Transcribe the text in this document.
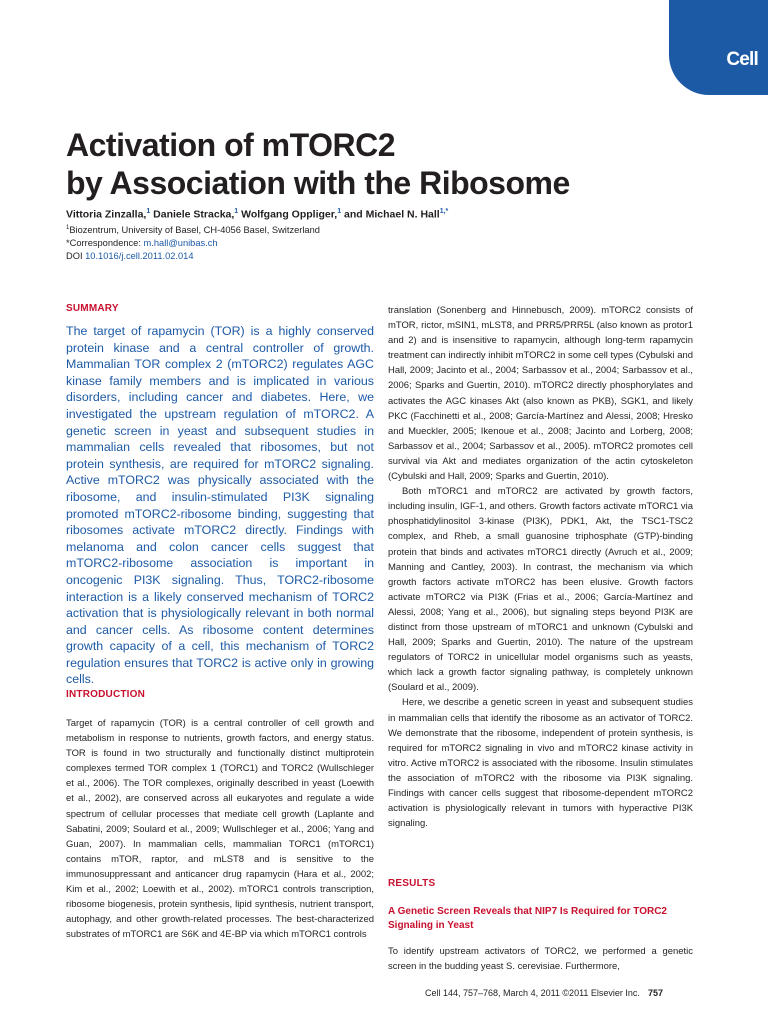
Cell
Activation of mTORC2
by Association with the Ribosome
Vittoria Zinzalla,$^1$ Daniele Stracka,$^1$ Wolfgang Oppliger,$^1$ and Michael N. Hall$^{1,*}$
$^1$Biozentrum, University of Basel, CH-4056 Basel, Switzerland
*Correspondence: m.hall@unibas.ch
DOI 10.1016/j.cell.2011.02.014
SUMMARY
The target of rapamycin (TOR) is a highly conserved protein kinase and a central controller of growth. Mammalian TOR complex 2 (mTORC2) regulates AGC kinase family members and is implicated in various disorders, including cancer and diabetes. Here, we investigated the upstream regulation of mTORC2. A genetic screen in yeast and subsequent studies in mammalian cells revealed that ribosomes, but not protein synthesis, are required for mTORC2 signaling. Active mTORC2 was physically associated with the ribosome, and insulin-stimulated PI3K signaling promoted mTORC2-ribosome binding, suggesting that ribosomes activate mTORC2 directly. Findings with melanoma and colon cancer cells suggest that mTORC2-ribosome association is important in oncogenic PI3K signaling. Thus, TORC2-ribosome interaction is a likely conserved mechanism of TORC2 activation that is physiologically relevant in both normal and cancer cells. As ribosome content determines growth capacity of a cell, this mechanism of TORC2 regulation ensures that TORC2 is active only in growing cells.
INTRODUCTION

Target of rapamycin (TOR) is a central controller of cell growth and metabolism in response to nutrients, growth factors, and energy status. TOR is found in two structurally and functionally distinct multiprotein complexes termed TOR complex 1 (TORC1) and TORC2 (Wullschleger et al., 2006). The TOR complexes, originally described in yeast (Loewith et al., 2002), are conserved across all eukaryotes and regulate a wide spectrum of cellular processes that mediate cell growth (Laplante and Sabatini, 2009; Soulard et al., 2009; Wullschleger et al., 2006; Yang and Guan, 2007). In mammalian cells, mammalian TORC1 (mTORC1) contains mTOR, raptor, and mLST8 and is sensitive to the immunosuppressant and anticancer drug rapamycin (Hara et al., 2002; Kim et al., 2002; Loewith et al., 2002). mTORC1 controls transcription, ribosome biogenesis, protein synthesis, lipid synthesis, nutrient transport, autophagy, and other growth-related processes. The best-characterized substrates of mTORC1 are S6K and 4E-BP via which mTORC1 controls

translation (Sonenberg and Hinnebusch, 2009). mTORC2 consists of mTOR, rictor, mSIN1, mLST8, and PRR5/PRR5L (also known as protor1 and 2) and is insensitive to rapamycin, although long-term rapamycin treatment can indirectly inhibit mTORC2 in some cell types (Cybulski and Hall, 2009; Jacinto et al., 2004; Sarbassov et al., 2004; Sarbassov et al., 2006; Sparks and Guertin, 2010). mTORC2 directly phosphorylates and activates the AGC kinases Akt (also known as PKB), SGK1, and likely PKC (Facchinetti et al., 2008; García-Martínez and Alessi, 2008; Hresko and Mueckler, 2005; Ikenoue et al., 2008; Jacinto and Lorberg, 2008; Sarbassov et al., 2004; Sarbassov et al., 2005). mTORC2 promotes cell survival via Akt and mediates organization of the actin cytoskeleton (Cybulski and Hall, 2009; Sparks and Guertin, 2010).

Both mTORC1 and mTORC2 are activated by growth factors, including insulin, IGF-1, and others. Growth factors activate mTORC1 via phosphatidylinositol 3-kinase (PI3K), PDK1, Akt, the TSC1-TSC2 complex, and Rheb, a small guanosine triphosphate (GTP)-binding protein that binds and activates mTORC1 directly (Avruch et al., 2009; Manning and Cantley, 2003). In contrast, the mechanism via which growth factors activate mTORC2 has been elusive. Growth factors activate mTORC2 via PI3K (Frias et al., 2006; García-Martínez and Alessi, 2008; Yang et al., 2006), but signaling steps beyond PI3K are distinct from those upstream of mTORC1 and unknown (Cybulski and Hall, 2009; Sparks and Guertin, 2010). The nature of the upstream regulators of TORC2 in unicellular model organisms such as yeasts, which lack a growth factor signaling pathway, is completely unknown (Soulard et al., 2009).

Here, we describe a genetic screen in yeast and subsequent studies in mammalian cells that identify the ribosome as an activator of TORC2. We demonstrate that the ribosome, independent of protein synthesis, is required for mTORC2 signaling in vivo and mTORC2 kinase activity in vitro. Active mTORC2 is associated with the ribosome. Insulin stimulates the association of mTORC2 with the ribosome via PI3K signaling. Findings with cancer cells suggest that ribosome-dependent mTORC2 activation is physiologically relevant in tumors with hyperactive PI3K signaling.

RESULTS
A Genetic Screen Reveals that NIP7 Is Required for TORC2 Signaling in Yeast

To identify upstream activators of TORC2, we performed a genetic screen in the budding yeast S. cerevisiae. Furthermore,

Cell 144, 757–768, March 4, 2011 ©2011 Elsevier Inc. 757
